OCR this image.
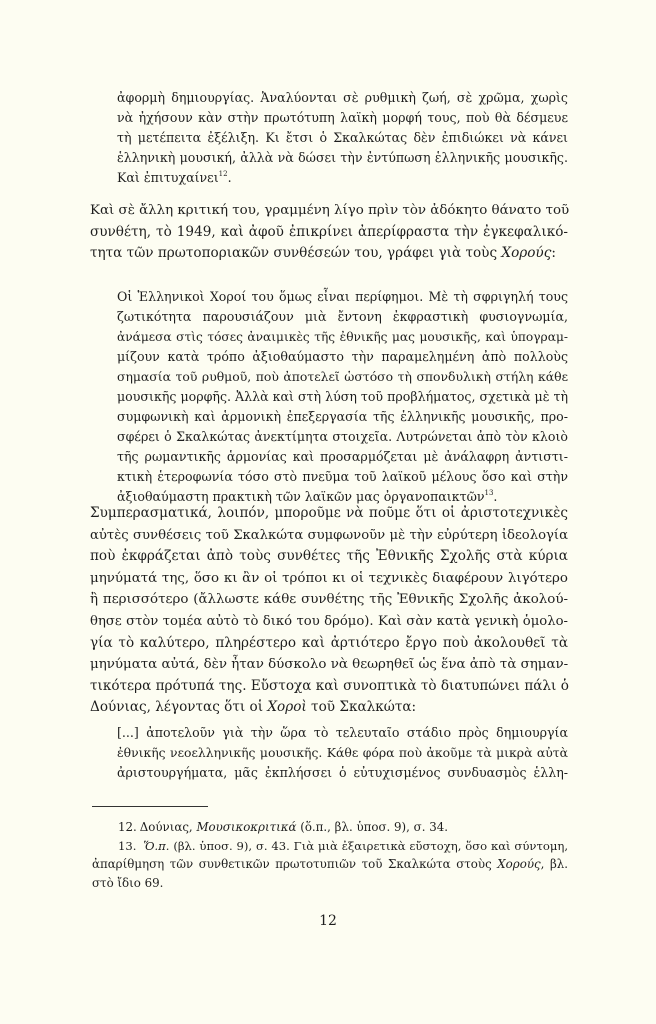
ἀφορμὴ δημιουργίας. Ἀναλύονται σὲ ρυθμικὴ ζωή, σὲ χρῶμα, χωρὶς
νὰ ἠχήσουν κὰν στὴν πρωτότυπη λαϊκὴ μορφή τους, ποὺ θὰ δέσμευε
τὴ μετέπειτα ἐξέλιξη. Κι ἔτσι ὁ Σκαλκώτας δὲν ἐπιδιώκει νὰ κάνει
ἑλληνικὴ μουσική, ἀλλὰ νὰ δώσει τὴν ἐντύπωση ἑλληνικῆς μουσικῆς.
Καὶ ἐπιτυχαίνει$^{12}$.
Καὶ σὲ ἄλλη κριτική του, γραμμένη λίγο πρὶν τὸν ἀδόκητο θάνατο τοῦ
συνθέτη, τὸ 1949, καὶ ἀφοῦ ἐπικρίνει ἀπερίφραστα τὴν ἐγκεφαλικό-
τητα τῶν πρωτοποριακῶν συνθέσεών του, γράφει γιὰ τοὺς Χορούς:
Οἱ Ἑλληνικοὶ Χοροί του ὅμως εἶναι περίφημοι. Μὲ τὴ σφριγηλή τους
ζωτικότητα παρουσιάζουν μιὰ ἔντονη ἐκφραστικὴ φυσιογνωμία,
ἀνάμεσα στὶς τόσες ἀναιμικὲς τῆς ἐθνικῆς μας μουσικῆς, καὶ ὑπογραμ-
μίζουν κατὰ τρόπο ἀξιοθαύμαστο τὴν παραμελημένη ἀπὸ πολλοὺς
σημασία τοῦ ρυθμοῦ, ποὺ ἀποτελεῖ ὡστόσο τὴ σπονδυλικὴ στήλη κάθε
μουσικῆς μορφῆς. Ἀλλὰ καὶ στὴ λύση τοῦ προβλήματος, σχετικὰ μὲ τὴ
συμφωνικὴ καὶ ἁρμονικὴ ἐπεξεργασία τῆς ἑλληνικῆς μουσικῆς, προ-
σφέρει ὁ Σκαλκώτας ἀνεκτίμητα στοιχεῖα. Λυτρώνεται ἀπὸ τὸν κλοιὸ
τῆς ρωμαντικῆς ἁρμονίας καὶ προσαρμόζεται μὲ ἀνάλαφρη ἀντιστι-
κτικὴ ἑτεροφωνία τόσο στὸ πνεῦμα τοῦ λαϊκοῦ μέλους ὅσο καὶ στὴν
ἀξιοθαύμαστη πρακτικὴ τῶν λαϊκῶν μας ὀργανοπαικτῶν$^{13}$.
Συμπερασματικά, λοιπόν, μποροῦμε νὰ ποῦμε ὅτι οἱ ἀριστοτεχνικὲς
αὐτὲς συνθέσεις τοῦ Σκαλκώτα συμφωνοῦν μὲ τὴν εὐρύτερη ἰδεολογία
ποὺ ἐκφράζεται ἀπὸ τοὺς συνθέτες τῆς Ἐθνικῆς Σχολῆς στὰ κύρια
μηνύματά της, ὅσο κι ἂν οἱ τρόποι κι οἱ τεχνικὲς διαφέρουν λιγότερο
ἢ περισσότερο (ἄλλωστε κάθε συνθέτης τῆς Ἐθνικῆς Σχολῆς ἀκολού-
θησε στὸν τομέα αὐτὸ τὸ δικό του δρόμο). Καὶ σὰν κατὰ γενικὴ ὁμολο-
γία τὸ καλύτερο, πληρέστερο καὶ ἀρτιότερο ἔργο ποὺ ἀκολουθεῖ τὰ
μηνύματα αὐτά, δὲν ἦταν δύσκολο νὰ θεωρηθεῖ ὡς ἕνα ἀπὸ τὰ σημαν-
τικότερα πρότυπά της. Εὔστοχα καὶ συνοπτικὰ τὸ διατυπώνει πάλι ὁ
Δούνιας, λέγοντας ὅτι οἱ Χοροὶ τοῦ Σκαλκώτα:
[...] ἀποτελοῦν γιὰ τὴν ὥρα τὸ τελευταῖο στάδιο πρὸς δημιουργία
ἐθνικῆς νεοελληνικῆς μουσικῆς. Κάθε φόρα ποὺ ἀκοῦμε τὰ μικρὰ αὐτὰ
ἀριστουργήματα, μᾶς ἐκπλήσσει ὁ εὐτυχισμένος συνδυασμὸς ἑλλη-
12. Δούνιας, Μουσικοκριτικά (ὅ.π., βλ. ὑποσ. 9), σ. 34.
13. Ὅ.π. (βλ. ὑποσ. 9), σ. 43. Γιὰ μιὰ ἐξαιρετικὰ εὔστοχη, ὅσο καὶ σύντομη,
ἀπαρίθμηση τῶν συνθετικῶν πρωτοτυπιῶν τοῦ Σκαλκώτα στοὺς Χορούς, βλ.
στὸ ἴδιο 69.
12
